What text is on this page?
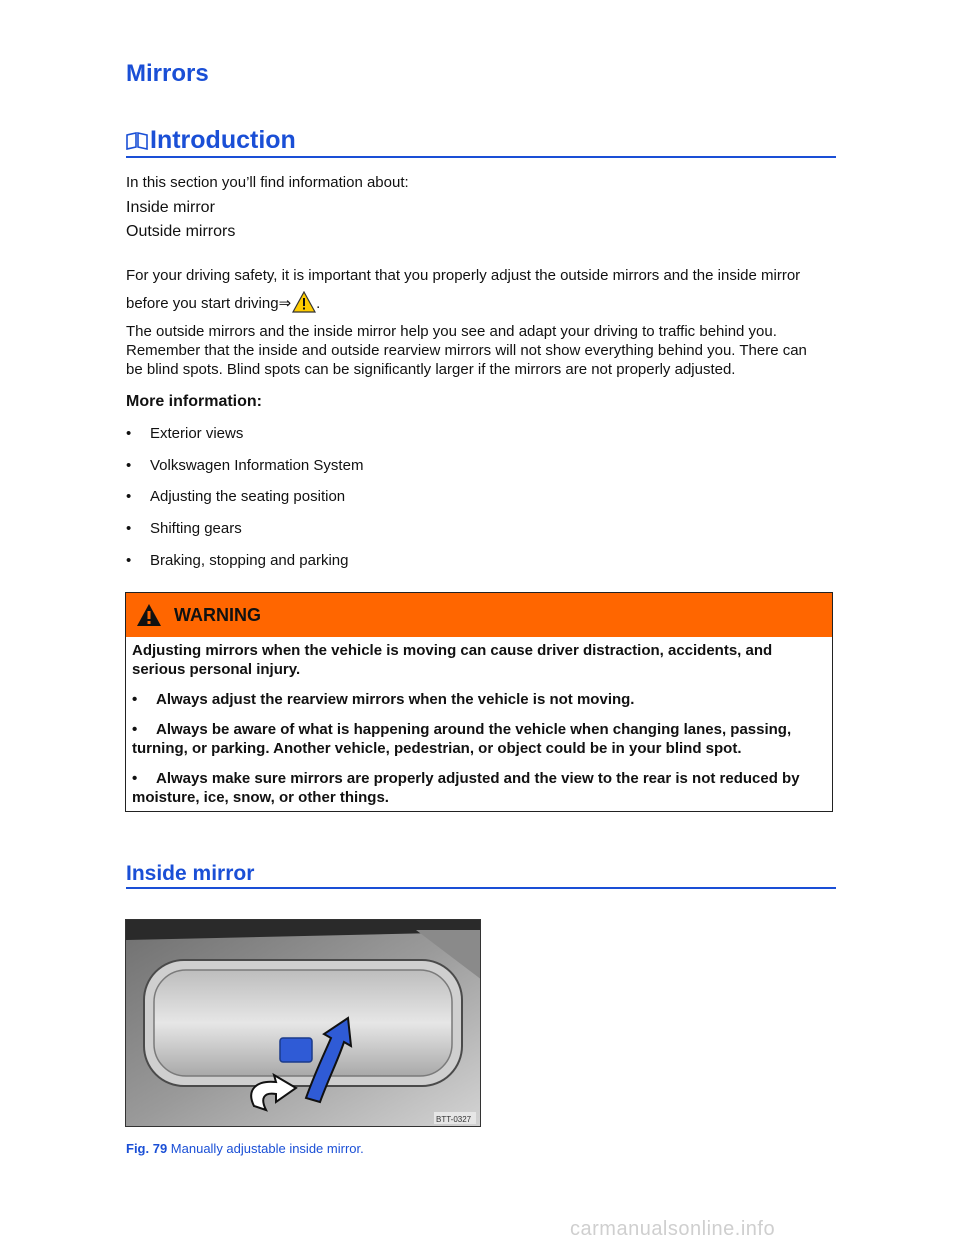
Mirrors
Introduction
In this section you’ll find information about:
Inside mirror
Outside mirrors
For your driving safety, it is important that you properly adjust the outside mirrors and the inside mirror
before you start driving⇒ .
The outside mirrors and the inside mirror help you see and adapt your driving to traffic behind you. Remember that the inside and outside rearview mirrors will not show everything behind you. There can be blind spots. Blind spots can be significantly larger if the mirrors are not properly adjusted.
More information:
•	Exterior views
•	Volkswagen Information System
•	Adjusting the seating position
•	Shifting gears
•	Braking, stopping and parking
WARNING
Adjusting mirrors when the vehicle is moving can cause driver distraction, accidents, and serious personal injury.
•	Always adjust the rearview mirrors when the vehicle is not moving.
• Always be aware of what is happening around the vehicle when changing lanes, passing, turning, or parking. Another vehicle, pedestrian, or object could be in your blind spot.
• Always make sure mirrors are properly adjusted and the view to the rear is not reduced by moisture, ice, snow, or other things.
Inside mirror
BTT-0327
Fig. 79 Manually adjustable inside mirror.
carmanualsonline.info
